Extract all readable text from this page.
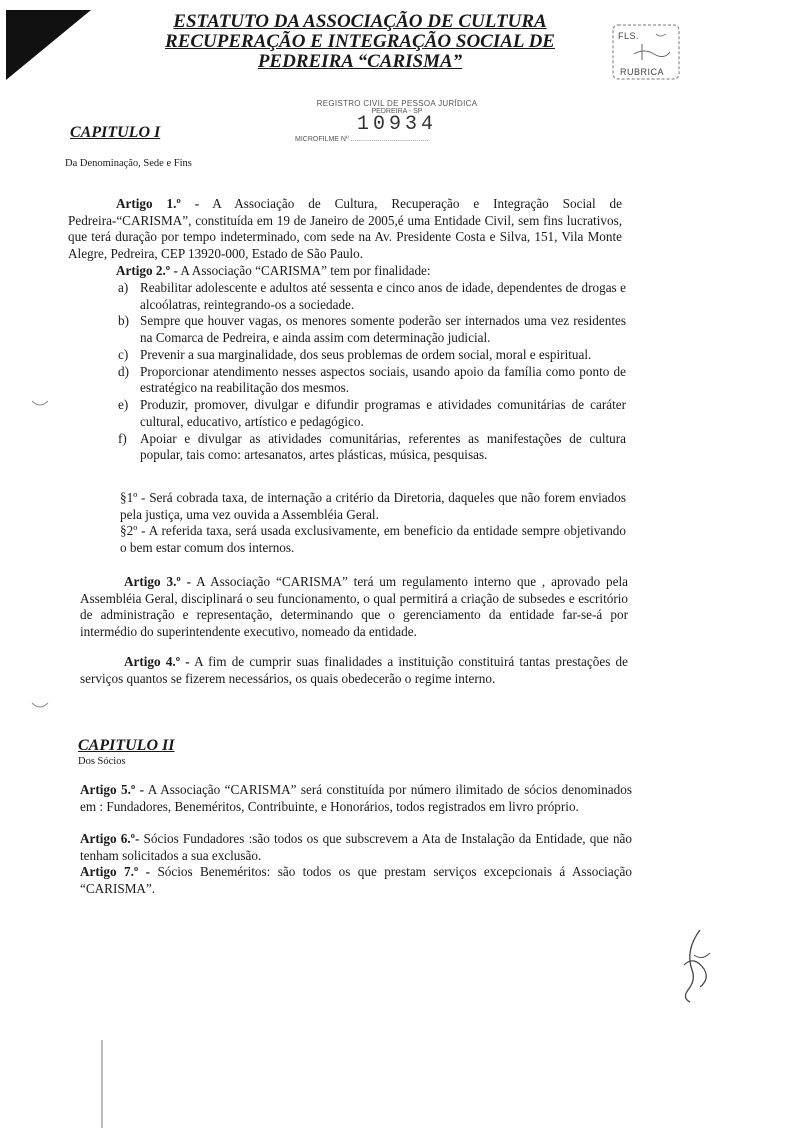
ESTATUTO DA ASSOCIAÇÃO DE CULTURA
RECUPERAÇÃO E INTEGRAÇÃO SOCIAL DE
PEDREIRA “CARISMA”
FLS.
RUBRICA
REGISTRO CIVIL DE PESSOA JURÍDICA
PEDREIRA - SP
10934
MICROFILME Nº ........................................
CAPITULO I
Da Denominação, Sede e Fins
Artigo 1.º - A Associação de Cultura, Recuperação e Integração Social de Pedreira-“CARISMA”, constituída em 19 de Janeiro de 2005,é uma Entidade Civil, sem fins lucrativos, que terá duração por tempo indeterminado, com sede na Av. Presidente Costa e Silva, 151, Vila Monte Alegre, Pedreira, CEP 13920-000, Estado de São Paulo.
Artigo 2.º - A Associação “CARISMA” tem por finalidade:
a) Reabilitar adolescente e adultos até sessenta e cinco anos de idade, dependentes de drogas e alcoólatras, reintegrando-os a sociedade.
b) Sempre que houver vagas, os menores somente poderão ser internados uma vez residentes na Comarca de Pedreira, e ainda assim com determinação judicial.
c) Prevenir a sua marginalidade, dos seus problemas de ordem social, moral e espiritual.
d) Proporcionar atendimento nesses aspectos sociais, usando apoio da família como ponto de estratégico na reabilitação dos mesmos.
e) Produzir, promover, divulgar e difundir programas e atividades comunitárias de caráter cultural, educativo, artístico e pedagógico.
f) Apoiar e divulgar as atividades comunitárias, referentes as manifestações de cultura popular, tais como: artesanatos, artes plásticas, música, pesquisas.
§1º - Será cobrada taxa, de internação a critério da Diretoria, daqueles que não forem enviados pela justiça, uma vez ouvida a Assembléia Geral.
§2º - A referida taxa, será usada exclusivamente, em beneficio da entidade sempre objetivando o bem estar comum dos internos.
Artigo 3.º - A Associação “CARISMA” terá um regulamento interno que , aprovado pela Assembléia Geral, disciplinará o seu funcionamento, o qual permitirá a criação de subsedes e escritório de administração e representação, determinando que o gerenciamento da entidade far-se-á por intermédio do superintendente executivo, nomeado da entidade.
Artigo 4.º - A fim de cumprir suas finalidades a instituição constituirá tantas prestações de serviços quantos se fizerem necessários, os quais obedecerão o regime interno.
CAPITULO II
Dos Sócios
Artigo 5.º - A Associação “CARISMA” será constituída por número ilimitado de sócios denominados em : Fundadores, Beneméritos, Contribuinte, e Honorários, todos registrados em livro próprio.
Artigo 6.º- Sócios Fundadores :são todos os que subscrevem a Ata de Instalação da Entidade, que não tenham solicitados a sua exclusão.
Artigo 7.º - Sócios Beneméritos: são todos os que prestam serviços excepcionais á Associação “CARISMA”.
